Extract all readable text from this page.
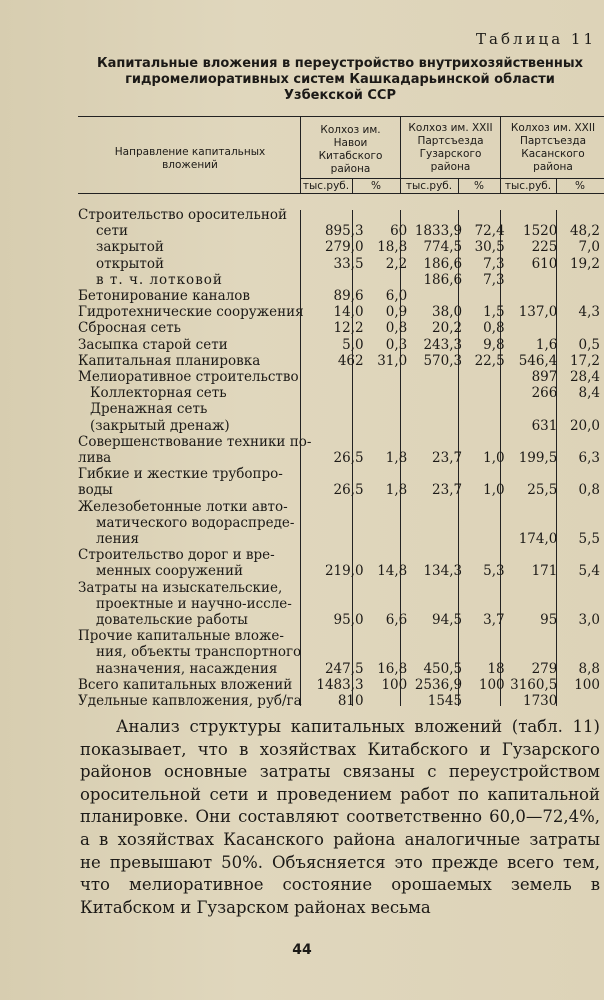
Таблица 11
Капитальные вложения в переустройство внутрихозяйственных
гидромелиоративных систем Кашкадарьинской области
Узбекской ССР
Направление капитальных вложений
Колхоз им. Навои Китабского района
Колхоз им. XXII Партсъезда Гузарского района
Колхоз им. XXII Партсъезда Касанского района
тыс.руб.	%	тыс.руб.	%	тыс.руб.	%
Строительство оросительной						
сети	895,3	60	1833,9	72,4	1520	48,2
закрытой	279,0	18,8	774,5	30,5	225	7,0
открытой	33,5	2,2	186,6	7,3	610	19,2
в т. ч. лотковой			186,6	7,3		
Бетонирование каналов	89,6	6,0				
Гидротехнические сооружения	14,0	0,9	38,0	1,5	137,0	4,3
Сбросная сеть	12,2	0,8	20,2	0,8		
Засыпка старой сети	5,0	0,3	243,3	9,8	1,6	0,5
Капитальная планировка	462	31,0	570,3	22,5	546,4	17,2
Мелиоративное строительство					897	28,4
Коллекторная сеть					266	8,4
Дренажная сеть						
(закрытый дренаж)					631	20,0
Совершенствование техники по-						
лива	26,5	1,8	23,7	1,0	199,5	6,3
Гибкие и жесткие трубопро-						
воды	26,5	1,8	23,7	1,0	25,5	0,8
Железобетонные лотки авто-						
матического водораспреде-						
ления					174,0	5,5
Строительство дорог и вре-						
менных сооружений	219,0	14,8	134,3	5,3	171	5,4
Затраты на изыскательские,						
проектные и научно-иссле-						
довательские работы	95,0	6,6	94,5	3,7	95	3,0
Прочие капитальные вложе-						
ния, объекты транспортного						
назначения, насаждения	247,5	16,8	450,5	18	279	8,8
Всего капитальных вложений	1483,3	100	2536,9	100	3160,5	100
Удельные капвложения, руб/га	810		1545		1730	
Анализ структуры капитальных вложений (табл. 11) показывает, что в хозяйствах Китабского и Гузарского районов основные затраты связаны с переустройством оросительной сети и проведением работ по капитальной планировке. Они составляют соответственно 60,0—72,4%, а в хозяйствах Касанского района аналогичные затраты не превышают 50%. Объясняется это прежде всего тем, что мелиоративное состояние орошаемых земель в Китабском и Гузарском районах весьма
44
